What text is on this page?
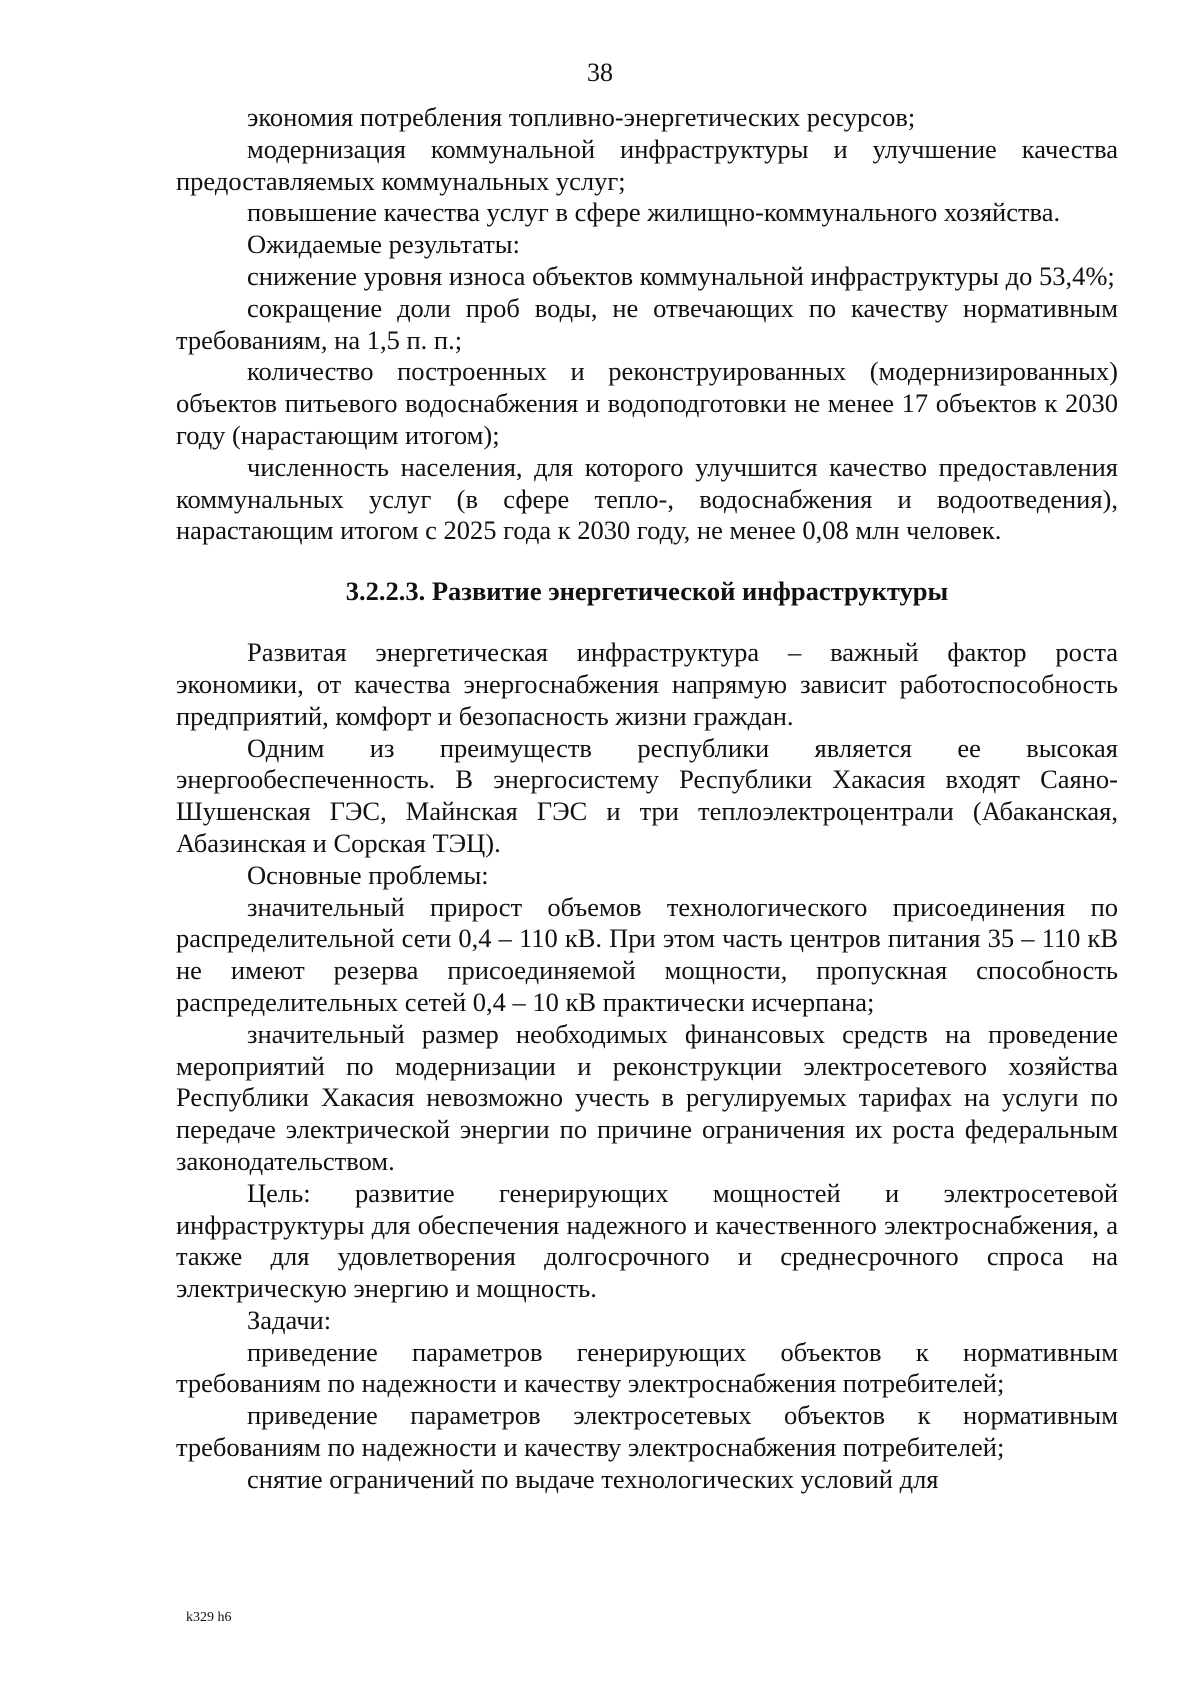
38

экономия потребления топливно-энергетических ресурсов;

модернизация коммунальной инфраструктуры и улучшение качества предоставляемых коммунальных услуг;

повышение качества услуг в сфере жилищно-коммунального хозяйства.

Ожидаемые результаты:

снижение уровня износа объектов коммунальной инфраструктуры до 53,4%;

сокращение доли проб воды, не отвечающих по качеству нормативным требованиям, на 1,5 п. п.;

количество построенных и реконструированных (модернизированных) объектов питьевого водоснабжения и водоподготовки не менее 17 объектов к 2030 году (нарастающим итогом);

численность населения, для которого улучшится качество предоставления коммунальных услуг (в сфере тепло-, водоснабжения и водоотведения), нарастающим итогом с 2025 года к 2030 году, не менее 0,08 млн человек.

3.2.2.3. Развитие энергетической инфраструктуры

Развитая энергетическая инфраструктура – важный фактор роста экономики, от качества энергоснабжения напрямую зависит работоспособность предприятий, комфорт и безопасность жизни граждан.

Одним из преимуществ республики является ее высокая энергообеспеченность. В энергосистему Республики Хакасия входят Саяно-Шушенская ГЭС, Майнская ГЭС и три теплоэлектроцентрали (Абаканская, Абазинская и Сорская ТЭЦ).

Основные проблемы:

значительный прирост объемов технологического присоединения по распределительной сети 0,4 – 110 кВ. При этом часть центров питания 35 – 110 кВ не имеют резерва присоединяемой мощности, пропускная способность распределительных сетей 0,4 – 10 кВ практически исчерпана;

значительный размер необходимых финансовых средств на проведение мероприятий по модернизации и реконструкции электросетевого хозяйства Республики Хакасия невозможно учесть в регулируемых тарифах на услуги по передаче электрической энергии по причине ограничения их роста федеральным законодательством.

Цель: развитие генерирующих мощностей и электросетевой инфраструктуры для обеспечения надежного и качественного электроснабжения, а также для удовлетворения долгосрочного и среднесрочного спроса на электрическую энергию и мощность.

Задачи:

приведение параметров генерирующих объектов к нормативным требованиям по надежности и качеству электроснабжения потребителей;

приведение параметров электросетевых объектов к нормативным требованиям по надежности и качеству электроснабжения потребителей;

снятие ограничений по выдаче технологических условий для

k329 h6
